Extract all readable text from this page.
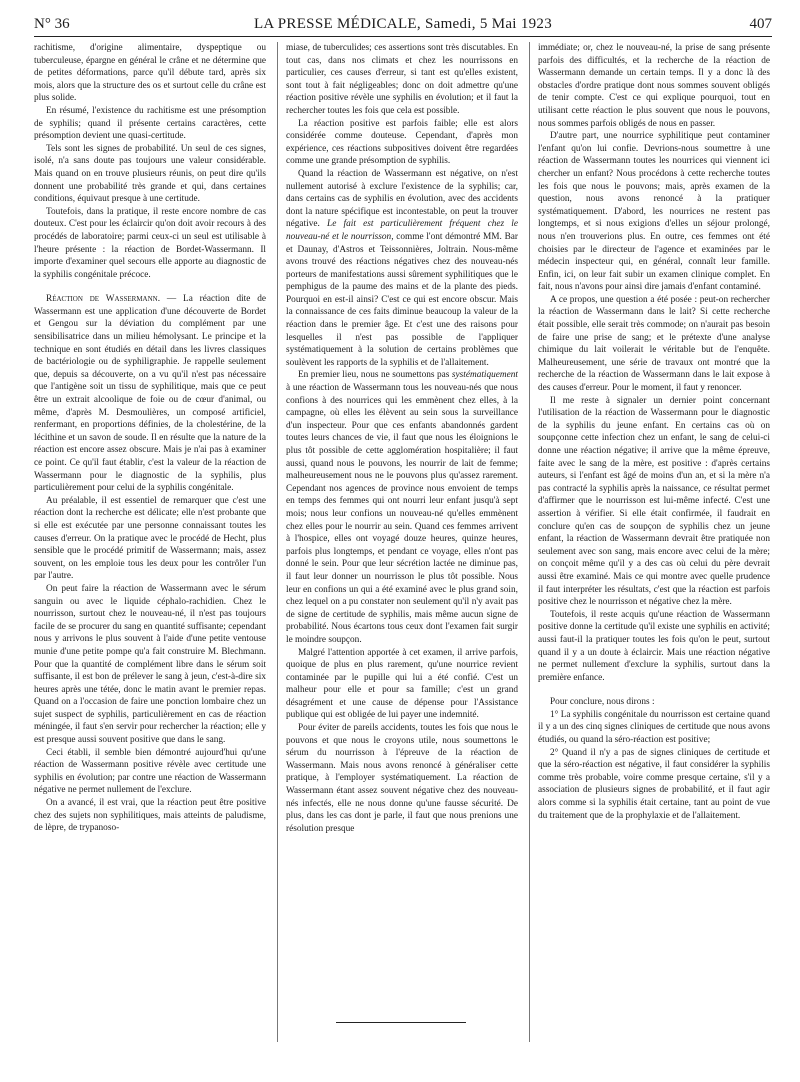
N° 36	LA PRESSE MÉDICALE, Samedi, 5 Mai 1923	407

rachitisme, d'origine alimentaire, dyspeptique ou tuberculeuse, épargne en général le crâne et ne détermine que de petites déformations, parce qu'il débute tard, après six mois, alors que la structure des os et surtout celle du crâne est plus solide.

En résumé, l'existence du rachitisme est une présomption de syphilis; quand il présente certains caractères, cette présomption devient une quasi-certitude.

Tels sont les signes de probabilité. Un seul de ces signes, isolé, n'a sans doute pas toujours une valeur considérable. Mais quand on en trouve plusieurs réunis, on peut dire qu'ils donnent une probabilité très grande et qui, dans certaines conditions, équivaut presque à une certitude.

Toutefois, dans la pratique, il reste encore nombre de cas douteux. C'est pour les éclaircir qu'on doit avoir recours à des procédés de laboratoire; parmi ceux-ci un seul est utilisable à l'heure présente : la réaction de Bordet-Wassermann. Il importe d'examiner quel secours elle apporte au diagnostic de la syphilis congénitale précoce.

Réaction de Wassermann. — La réaction dite de Wassermann est une application d'une découverte de Bordet et Gengou sur la déviation du complément par une sensibilisatrice dans un milieu hémolysant. Le principe et la technique en sont étudiés en détail dans les livres classiques de bactériologie ou de syphiligraphie. Je rappelle seulement que, depuis sa découverte, on a vu qu'il n'est pas nécessaire que l'antigène soit un tissu de syphilitique, mais que ce peut être un extrait alcoolique de foie ou de cœur d'animal, ou même, d'après M. Desmoulières, un composé artificiel, renfermant, en proportions définies, de la cholestérine, de la lécithine et un savon de soude. Il en résulte que la nature de la réaction est encore assez obscure. Mais je n'ai pas à examiner ce point. Ce qu'il faut établir, c'est la valeur de la réaction de Wassermann pour le diagnostic de la syphilis, plus particulièrement pour celui de la syphilis congénitale.

Au préalable, il est essentiel de remarquer que c'est une réaction dont la recherche est délicate; elle n'est probante que si elle est exécutée par une personne connaissant toutes les causes d'erreur. On la pratique avec le procédé de Hecht, plus sensible que le procédé primitif de Wassermann; mais, assez souvent, on les emploie tous les deux pour les contrôler l'un par l'autre.

On peut faire la réaction de Wassermann avec le sérum sanguin ou avec le liquide céphalo-rachidien. Chez le nourrisson, surtout chez le nouveau-né, il n'est pas toujours facile de se procurer du sang en quantité suffisante; cependant nous y arrivons le plus souvent à l'aide d'une petite ventouse munie d'une petite pompe qu'a fait construire M. Blechmann. Pour que la quantité de complément libre dans le sérum soit suffisante, il est bon de prélever le sang à jeun, c'est-à-dire six heures après une tétée, donc le matin avant le premier repas. Quand on a l'occasion de faire une ponction lombaire chez un sujet suspect de syphilis, particulièrement en cas de réaction méningée, il faut s'en servir pour rechercher la réaction; elle y est presque aussi souvent positive que dans le sang.

Ceci établi, il semble bien démontré aujourd'hui qu'une réaction de Wassermann positive révèle avec certitude une syphilis en évolution; par contre une réaction de Wassermann négative ne permet nullement de l'exclure.

On a avancé, il est vrai, que la réaction peut être positive chez des sujets non syphilitiques, mais atteints de paludisme, de lèpre, de trypanoso-

miase, de tuberculides; ces assertions sont très discutables. En tout cas, dans nos climats et chez les nourrissons en particulier, ces causes d'erreur, si tant est qu'elles existent, sont tout à fait négligeables; donc on doit admettre qu'une réaction positive révèle une syphilis en évolution; et il faut la rechercher toutes les fois que cela est possible.

La réaction positive est parfois faible; elle est alors considérée comme douteuse. Cependant, d'après mon expérience, ces réactions subpositives doivent être regardées comme une grande présomption de syphilis.

Quand la réaction de Wassermann est négative, on n'est nullement autorisé à exclure l'existence de la syphilis; car, dans certains cas de syphilis en évolution, avec des accidents dont la nature spécifique est incontestable, on peut la trouver négative. Le fait est particulièrement fréquent chez le nouveau-né et le nourrisson, comme l'ont démontré MM. Bar et Daunay, d'Astros et Teissonnières, Joltrain. Nous-même avons trouvé des réactions négatives chez des nouveau-nés porteurs de manifestations aussi sûrement syphilitiques que le pemphigus de la paume des mains et de la plante des pieds. Pourquoi en est-il ainsi? C'est ce qui est encore obscur. Mais la connaissance de ces faits diminue beaucoup la valeur de la réaction dans le premier âge. Et c'est une des raisons pour lesquelles il n'est pas possible de l'appliquer systématiquement à la solution de certains problèmes que soulèvent les rapports de la syphilis et de l'allaitement.

En premier lieu, nous ne soumettons pas systématiquement à une réaction de Wassermann tous les nouveau-nés que nous confions à des nourrices qui les emmènent chez elles, à la campagne, où elles les élèvent au sein sous la surveillance d'un inspecteur. Pour que ces enfants abandonnés gardent toutes leurs chances de vie, il faut que nous les éloignions le plus tôt possible de cette agglomération hospitalière; il faut aussi, quand nous le pouvons, les nourrir de lait de femme; malheureusement nous ne le pouvons plus qu'assez rarement. Cependant nos agences de province nous envoient de temps en temps des femmes qui ont nourri leur enfant jusqu'à sept mois; nous leur confions un nouveau-né qu'elles emmènent chez elles pour le nourrir au sein. Quand ces femmes arrivent à l'hospice, elles ont voyagé douze heures, quinze heures, parfois plus longtemps, et pendant ce voyage, elles n'ont pas donné le sein. Pour que leur sécrétion lactée ne diminue pas, il faut leur donner un nourrisson le plus tôt possible. Nous leur en confions un qui a été examiné avec le plus grand soin, chez lequel on a pu constater non seulement qu'il n'y avait pas de signe de certitude de syphilis, mais même aucun signe de probabilité. Nous écartons tous ceux dont l'examen fait surgir le moindre soupçon.

Malgré l'attention apportée à cet examen, il arrive parfois, quoique de plus en plus rarement, qu'une nourrice revient contaminée par le pupille qui lui a été confié. C'est un malheur pour elle et pour sa famille; c'est un grand désagrément et une cause de dépense pour l'Assistance publique qui est obligée de lui payer une indemnité.

Pour éviter de pareils accidents, toutes les fois que nous le pouvons et que nous le croyons utile, nous soumettons le sérum du nourrisson à l'épreuve de la réaction de Wassermann. Mais nous avons renoncé à généraliser cette pratique, à l'employer systématiquement. La réaction de Wassermann étant assez souvent négative chez des nouveau-nés infectés, elle ne nous donne qu'une fausse sécurité. De plus, dans les cas dont je parle, il faut que nous prenions une résolution presque

immédiate; or, chez le nouveau-né, la prise de sang présente parfois des difficultés, et la recherche de la réaction de Wassermann demande un certain temps. Il y a donc là des obstacles d'ordre pratique dont nous sommes souvent obligés de tenir compte. C'est ce qui explique pourquoi, tout en utilisant cette réaction le plus souvent que nous le pouvons, nous sommes parfois obligés de nous en passer.

D'autre part, une nourrice syphilitique peut contaminer l'enfant qu'on lui confie. Devrions-nous soumettre à une réaction de Wassermann toutes les nourrices qui viennent ici chercher un enfant? Nous procédons à cette recherche toutes les fois que nous le pouvons; mais, après examen de la question, nous avons renoncé à la pratiquer systématiquement. D'abord, les nourrices ne restent pas longtemps, et si nous exigions d'elles un séjour prolongé, nous n'en trouverions plus. En outre, ces femmes ont été choisies par le directeur de l'agence et examinées par le médecin inspecteur qui, en général, connaît leur famille. Enfin, ici, on leur fait subir un examen clinique complet. En fait, nous n'avons pour ainsi dire jamais d'enfant contaminé.

A ce propos, une question a été posée : peut-on rechercher la réaction de Wassermann dans le lait? Si cette recherche était possible, elle serait très commode; on n'aurait pas besoin de faire une prise de sang; et le prétexte d'une analyse chimique du lait voilerait le véritable but de l'enquête. Malheureusement, une série de travaux ont montré que la recherche de la réaction de Wassermann dans le lait expose à des causes d'erreur. Pour le moment, il faut y renoncer.

Il me reste à signaler un dernier point concernant l'utilisation de la réaction de Wassermann pour le diagnostic de la syphilis du jeune enfant. En certains cas où on soupçonne cette infection chez un enfant, le sang de celui-ci donne une réaction négative; il arrive que la même épreuve, faite avec le sang de la mère, est positive : d'après certains auteurs, si l'enfant est âgé de moins d'un an, et si la mère n'a pas contracté la syphilis après la naissance, ce résultat permet d'affirmer que le nourrisson est lui-même infecté. C'est une assertion à vérifier. Si elle était confirmée, il faudrait en conclure qu'en cas de soupçon de syphilis chez un jeune enfant, la réaction de Wassermann devrait être pratiquée non seulement avec son sang, mais encore avec celui de la mère; on conçoit même qu'il y a des cas où celui du père devrait aussi être examiné. Mais ce qui montre avec quelle prudence il faut interpréter les résultats, c'est que la réaction est parfois positive chez le nourrisson et négative chez la mère.

Toutefois, il reste acquis qu'une réaction de Wassermann positive donne la certitude qu'il existe une syphilis en activité; aussi faut-il la pratiquer toutes les fois qu'on le peut, surtout quand il y a un doute à éclaircir. Mais une réaction négative ne permet nullement d'exclure la syphilis, surtout dans la première enfance.

Pour conclure, nous dirons :

1° La syphilis congénitale du nourrisson est certaine quand il y a un des cinq signes cliniques de certitude que nous avons étudiés, ou quand la séro-réaction est positive;

2° Quand il n'y a pas de signes cliniques de certitude et que la séro-réaction est négative, il faut considérer la syphilis comme très probable, voire comme presque certaine, s'il y a association de plusieurs signes de probabilité, et il faut agir alors comme si la syphilis était certaine, tant au point de vue du traitement que de la prophylaxie et de l'allaitement.
